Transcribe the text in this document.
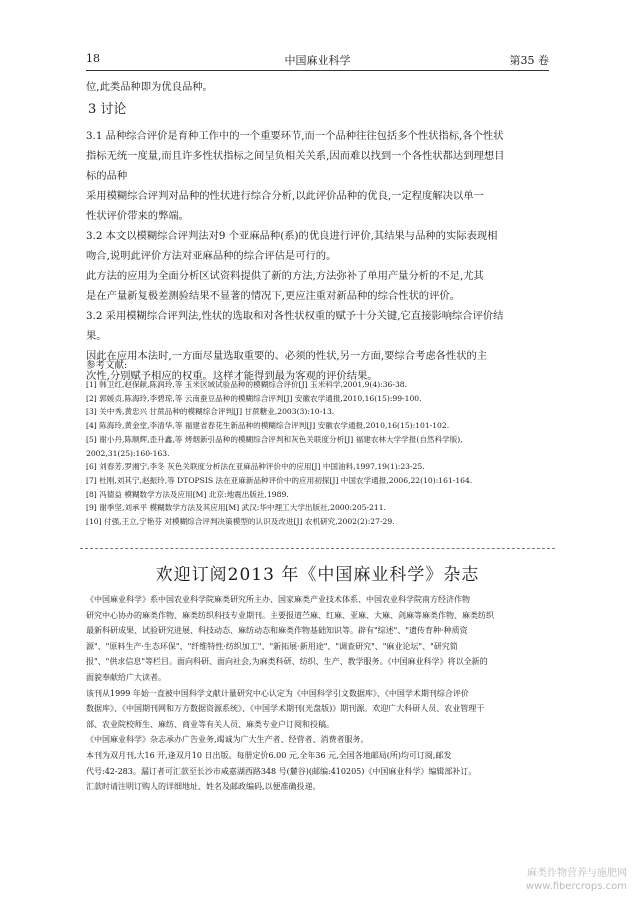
18	中国麻业科学	第35 卷
位,此类品种即为优良品种。
3 讨论
3.1 品种综合评价是育种工作中的一个重要环节,而一个品种往往包括多个性状指标,各个性状
指标无统一度量,而且许多性状指标之间呈负相关关系,因而难以找到一个各性状都达到理想目
标的品种
采用模糊综合评判对品种的性状进行综合分析,以此评价品种的优良,一定程度解决以单一
性状评价带来的弊端。
3.2 本文以模糊综合评判法对9 个亚麻品种(系)的优良进行评价,其结果与品种的实际表现相
吻合,说明此评价方法对亚麻品种的综合评估是可行的。
此方法的应用为全面分析区试资料提供了新的方法,方法弥补了单用产量分析的不足,尤其
是在产量新复极差测验结果不显著的情况下,更应注重对新品种的综合性状的评价。
3.2 采用模糊综合评判法,性状的选取和对各性状权重的赋予十分关键,它直接影响综合评价结
果。
因此在应用本法时,一方面尽量选取重要的、必须的性状,另一方面,要综合考虑各性状的主
次性,分别赋予相应的权重。这样才能得到最为客观的评价结果。
参考文献:
[1] 韩卫红,赵保献,陈润玲,等 玉米区域试验品种的模糊综合评价[J] 玉米科学,2001,9(4):36-38.
[2] 郭媛贞,陈海玲,李碧琼,等 云南蚕豆品种的模糊综合评判[J] 安徽农学通报,2010,16(15):99-100.
[3] 关中秀,黄忠兴 甘蔗品种的模糊综合评判[J] 甘蔗糖业,2003(3):10-13.
[4] 陈海玲,黄金堂,李清华,等 福建省春花生新品种的模糊综合评判[J] 安徽农学通报,2010,16(15):101-102.
[5] 谢小丹,陈顺辉,歪升鑫,等 烤烟新引品种的模糊综合评判和灰色关联度分析[J] 福建农林大学学报(自然科学版),
2002,31(25):160-163.
[6] 刘春芳,罗湘宁,李冬 灰色关联度分析法在亚麻品种评价中的应用[J] 中国油料,1997,19(1):23-25.
[7] 杜刚,刘其宁,赵振玲,等 DTOPSIS 法在亚麻新品种评价中的应用初探[J] 中国农学通报,2006,22(10):161-164.
[8] 冯德益 模糊数学方法及应用[M] 北京:地震出版社,1989.
[9] 谢季坚,刘承平 模糊数学方法及其应用[M] 武汉:华中理工大学出版社,2000:205-211.
[10] 付强,王立,宁艳芬 对模糊综合评判决策模型的认识及改进[J] 农机研究,2002(2):27-29.
欢迎订阅2013 年《中国麻业科学》杂志
《中国麻业科学》系中国农业科学院麻类研究所主办、国家麻类产业技术体系、中国农业科学院南方经济作物
研究中心协办的麻类作物、麻类纺织科技专业期刊。主要报道苎麻、红麻、亚麻、大麻、剑麻等麻类作物、麻类纺织
最新科研成果、试验研究进展、科技动态、麻纺动态和麻类作物基础知识等。辟有"综述"、"遗传育种·种质资
源"、"原料生产·生态环保"、"纤维特性·纺织加工"、"新拓展·新用途"、"调查研究"、"麻业论坛"、"研究简
报"、"供求信息"等栏目。面向科研、面向社会,为麻类科研、纺织、生产、教学服务。《中国麻业科学》将以全新的
面貌奉献给广大读者。
该刊从1999 年始一直被中国科学文献计量研究中心认定为《中国科学引文数据库》、《中国学术期刊综合评价
数据库》、《中国期刊网和万方数据资源系统》、《中国学术期刊(光盘版)》期刊源。欢迎广大科研人员、农业管理干
部、农业院校师生、麻纺、商业等有关人员、麻类专业户订阅和投稿。
《中国麻业科学》杂志承办广告业务,竭诚为广大生产者、经营者、消费者服务。
本刊为双月刊,大16 开,逢双月10 日出版。每册定价6.00 元,全年36 元,全国各地邮局(所)均可订阅,邮发
代号:42-283。漏订者可汇款至长沙市咸嘉湖西路348 号(麓谷)(邮编:410205)《中国麻业科学》编辑部补订。
汇款时请注明订购人的详细地址、姓名及邮政编码,以便准确投递。
麻类作物营养与施肥网
www.fibercrops.com
